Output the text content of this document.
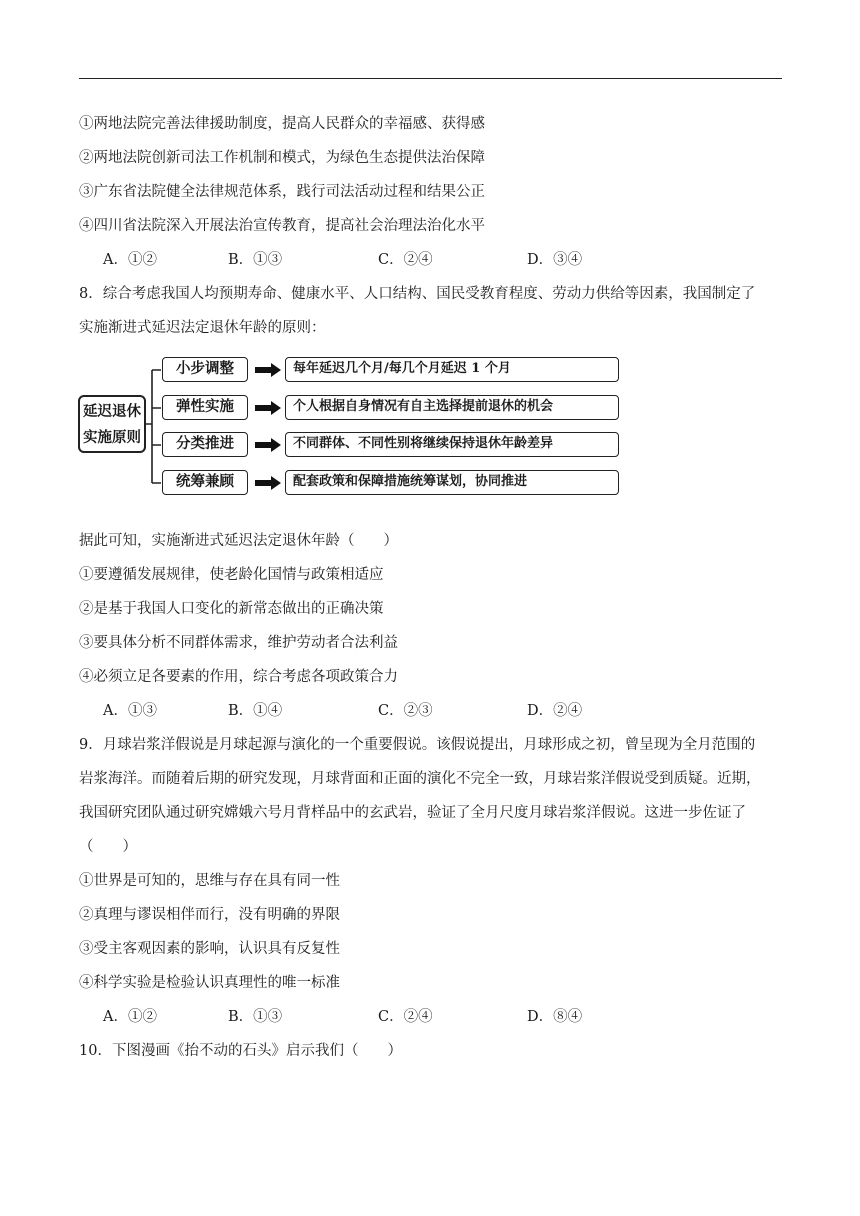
①两地法院完善法律援助制度，提高人民群众的幸福感、获得感
②两地法院创新司法工作机制和模式，为绿色生态提供法治保障
③广东省法院健全法律规范体系，践行司法活动过程和结果公正
④四川省法院深入开展法治宣传教育，提高社会治理法治化水平
A．①②	B．①③	C．②④	D．③④
8．综合考虑我国人均预期寿命、健康水平、人口结构、国民受教育程度、劳动力供给等因素，我国制定了
实施渐进式延迟法定退休年龄的原则：
延迟退休
实施原则
小步调整	每年延迟几个月/每几个月延迟 1 个月
弹性实施	个人根据自身情况有自主选择提前退休的机会
分类推进	不同群体、不同性别将继续保持退休年龄差异
统筹兼顾	配套政策和保障措施统筹谋划，协同推进
据此可知，实施渐进式延迟法定退休年龄（　　）
①要遵循发展规律，使老龄化国情与政策相适应
②是基于我国人口变化的新常态做出的正确决策
③要具体分析不同群体需求，维护劳动者合法利益
④必须立足各要素的作用，综合考虑各项政策合力
A．①③	B．①④	C．②③	D．②④
9．月球岩浆洋假说是月球起源与演化的一个重要假说。该假说提出，月球形成之初，曾呈现为全月范围的
岩浆海洋。而随着后期的研究发现，月球背面和正面的演化不完全一致，月球岩浆洋假说受到质疑。近期，
我国研究团队通过研究嫦娥六号月背样品中的玄武岩，验证了全月尺度月球岩浆洋假说。这进一步佐证了
（　　）
①世界是可知的，思维与存在具有同一性
②真理与谬误相伴而行，没有明确的界限
③受主客观因素的影响，认识具有反复性
④科学实验是检验认识真理性的唯一标准
A．①②	B．①③	C．②④	D．⑧④
10．下图漫画《抬不动的石头》启示我们（　　）
